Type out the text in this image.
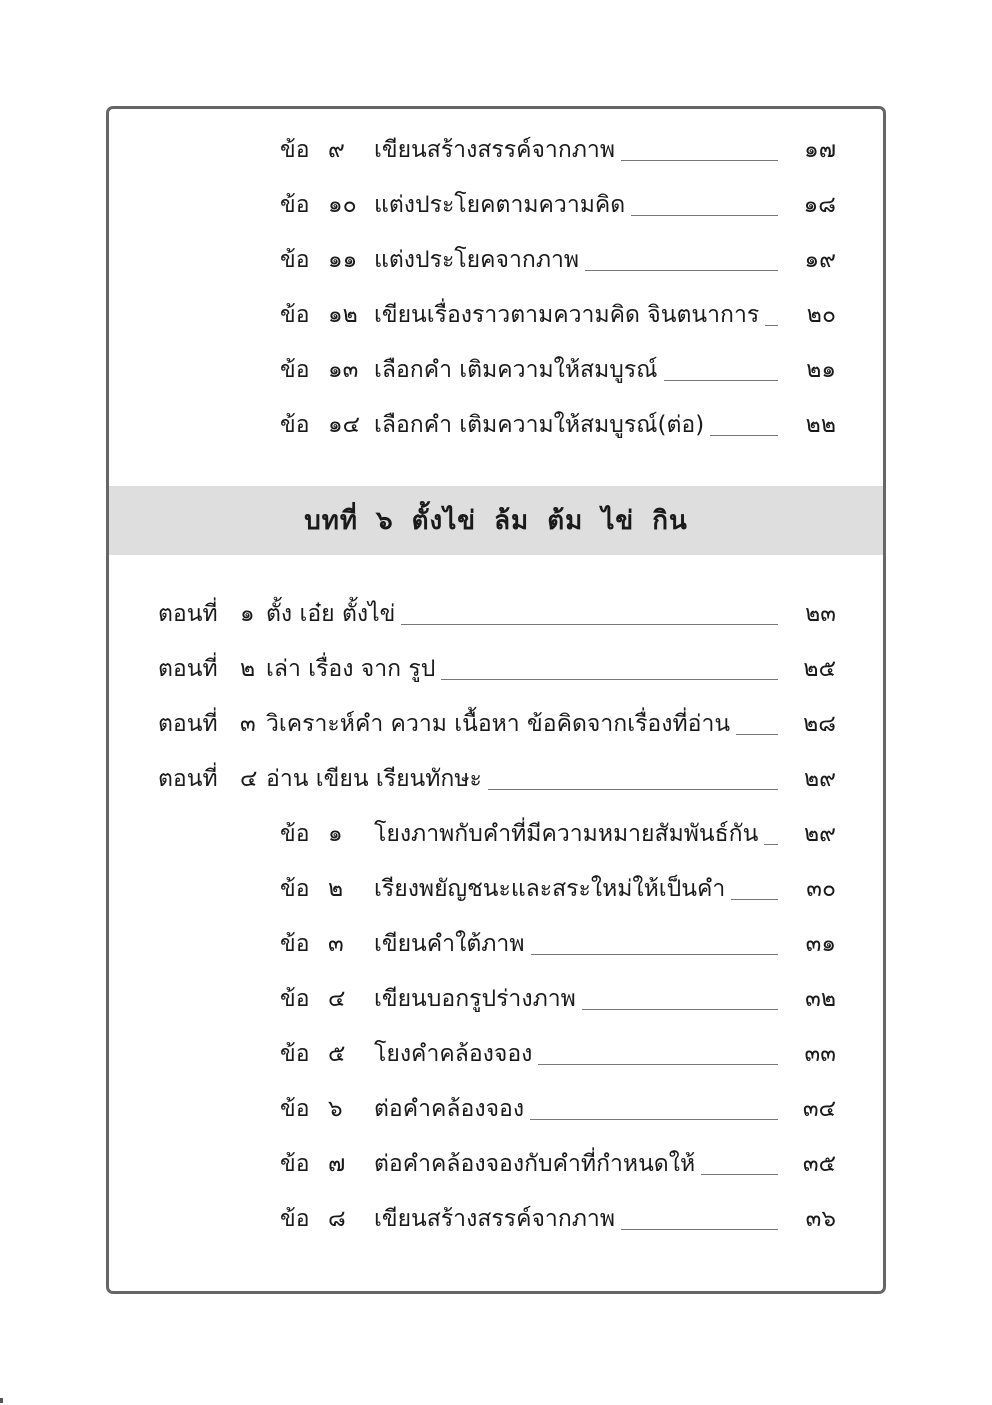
ข้อ ๙	เขียนสร้างสรรค์จากภาพ	๑๗
ข้อ ๑๐ แต่งประโยคตามความคิด	๑๘
ข้อ ๑๑ แต่งประโยคจากภาพ	๑๙
ข้อ ๑๒ เขียนเรื่องราวตามความคิด จินตนาการ	๒๐
ข้อ ๑๓ เลือกคำ เติมความให้สมบูรณ์	๒๑
ข้อ ๑๔ เลือกคำ เติมความให้สมบูรณ์(ต่อ)	๒๒
บทที่ ๖ ตั้งไข่ ล้ม ต้ม ไข่ กิน
ตอนที่ ๑ ตั้ง เอ๋ย ตั้งไข่	๒๓
ตอนที่ ๒ เล่า เรื่อง จาก รูป	๒๕
ตอนที่ ๓ วิเคราะห์คำ ความ เนื้อหา ข้อคิดจากเรื่องที่อ่าน	๒๘
ตอนที่ ๔ อ่าน เขียน เรียนทักษะ	๒๙
ข้อ ๑	โยงภาพกับคำที่มีความหมายสัมพันธ์กัน	๒๙
ข้อ ๒	เรียงพยัญชนะและสระใหม่ให้เป็นคำ	๓๐
ข้อ ๓	เขียนคำใต้ภาพ	๓๑
ข้อ ๔	เขียนบอกรูปร่างภาพ	๓๒
ข้อ ๕	โยงคำคล้องจอง	๓๓
ข้อ ๖	ต่อคำคล้องจอง	๓๔
ข้อ ๗	ต่อคำคล้องจองกับคำที่กำหนดให้	๓๕
ข้อ ๘	เขียนสร้างสรรค์จากภาพ	๓๖
